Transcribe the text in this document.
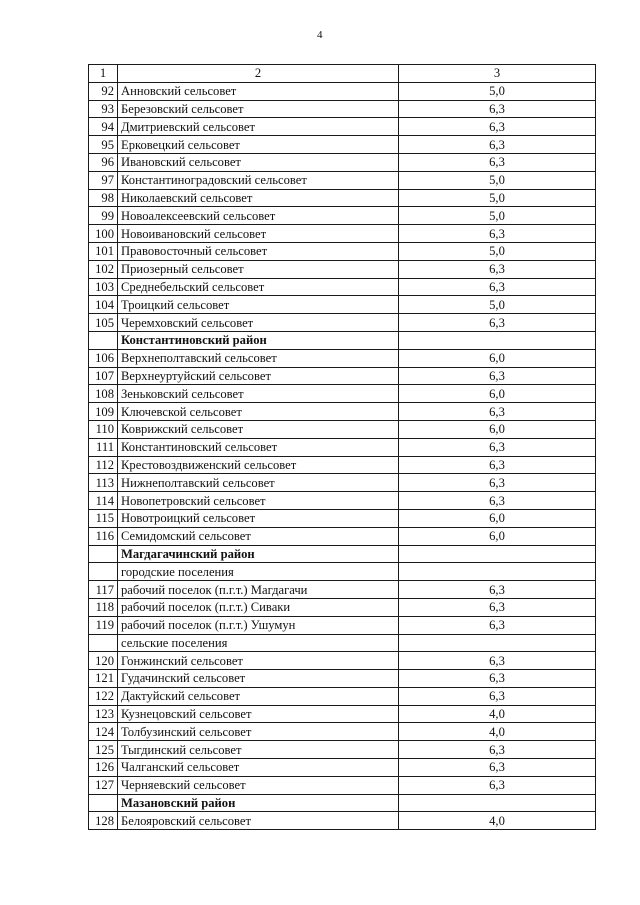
4
1	2	3
92	Анновский сельсовет	5,0
93	Березовский сельсовет	6,3
94	Дмитриевский сельсовет	6,3
95	Ерковецкий сельсовет	6,3
96	Ивановский сельсовет	6,3
97	Константиноградовский сельсовет	5,0
98	Николаевский сельсовет	5,0
99	Новоалексеевский сельсовет	5,0
100	Новоивановский сельсовет	6,3
101	Правовосточный сельсовет	5,0
102	Приозерный сельсовет	6,3
103	Среднебельский сельсовет	6,3
104	Троицкий сельсовет	5,0
105	Черемховский сельсовет	6,3
	Константиновский район	
106	Верхнеполтавский сельсовет	6,0
107	Верхнеуртуйский сельсовет	6,3
108	Зеньковский сельсовет	6,0
109	Ключевской сельсовет	6,3
110	Коврижский сельсовет	6,0
111	Константиновский сельсовет	6,3
112	Крестовоздвиженский сельсовет	6,3
113	Нижнеполтавский сельсовет	6,3
114	Новопетровский сельсовет	6,3
115	Новотроицкий сельсовет	6,0
116	Семидомский сельсовет	6,0
	Магдагачинский район	
	городские поселения	
117	рабочий поселок (п.г.т.) Магдагачи	6,3
118	рабочий поселок (п.г.т.) Сиваки	6,3
119	рабочий поселок (п.г.т.) Ушумун	6,3
	сельские поселения	
120	Гонжинский сельсовет	6,3
121	Гудачинский сельсовет	6,3
122	Дактуйский сельсовет	6,3
123	Кузнецовский сельсовет	4,0
124	Толбузинский сельсовет	4,0
125	Тыгдинский сельсовет	6,3
126	Чалганский сельсовет	6,3
127	Черняевский сельсовет	6,3
	Мазановский район	
128	Белояровский сельсовет	4,0
